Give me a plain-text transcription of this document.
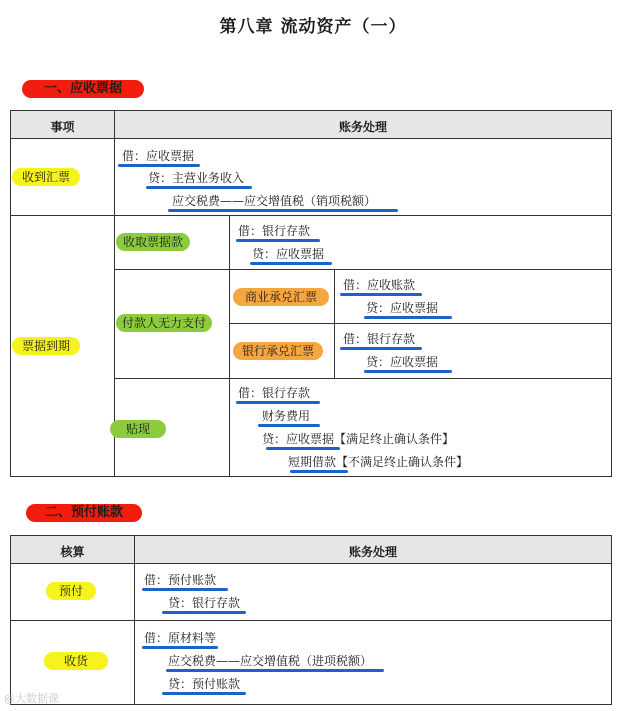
第八章 流动资产（一）
一、应收票据
事项	账务处理
收到汇票
借：应收票据
贷：主营业务收入
应交税费——应交增值税（销项税额）
票据到期
收取票据款
借：银行存款
贷：应收票据
付款人无力支付
商业承兑汇票
借：应收账款
贷：应收票据
银行承兑汇票
借：银行存款
贷：应收票据
贴现
借：银行存款
财务费用
贷：应收票据【满足终止确认条件】
短期借款【不满足终止确认条件】
二、预付账款
核算	账务处理
预付
借：预付账款
贷：银行存款
收货
借：原材料等
应交税费——应交增值税（进项税额）
贷：预付账款
@大数据课
